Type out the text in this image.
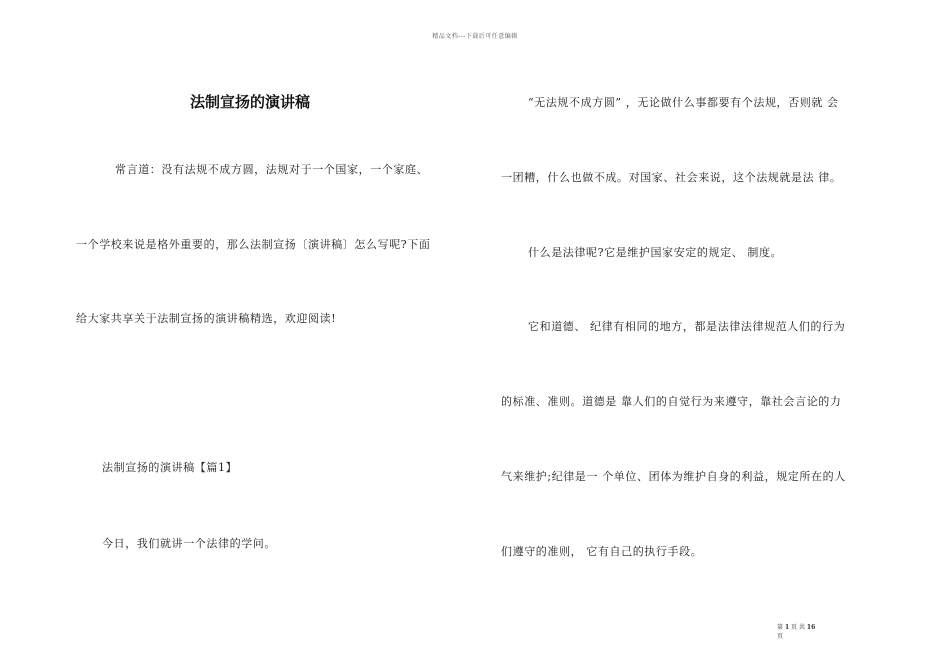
精品文档---下载后可任意编辑
法制宣扬的演讲稿
常言道：没有法规不成方圆，法规对于一个国家，一个家庭、
一个学校来说是格外重要的，那么法制宣扬〔演讲稿〕怎么写呢?下面
给大家共享关于法制宣扬的演讲稿精选，欢迎阅读!
法制宣扬的演讲稿【篇1】
今日，我们就讲一个法律的学问。
“无法规不成方圆” ，无论做什么事都要有个法规，否则就 会
一团糟，什么也做不成。对国家、社会来说，这个法规就是法 律。
什么是法律呢?它是维护国家安定的规定、 制度。
它和道德、 纪律有相同的地方，都是法律法律规范人们的行为
的标准、准则。道德是 靠人们的自觉行为来遵守，靠社会言论的力
气来维护;纪律是一 个单位、团体为维护自身的利益，规定所在的人
们遵守的准则， 它有自己的执行手段。
第 1 页 共 16
页
